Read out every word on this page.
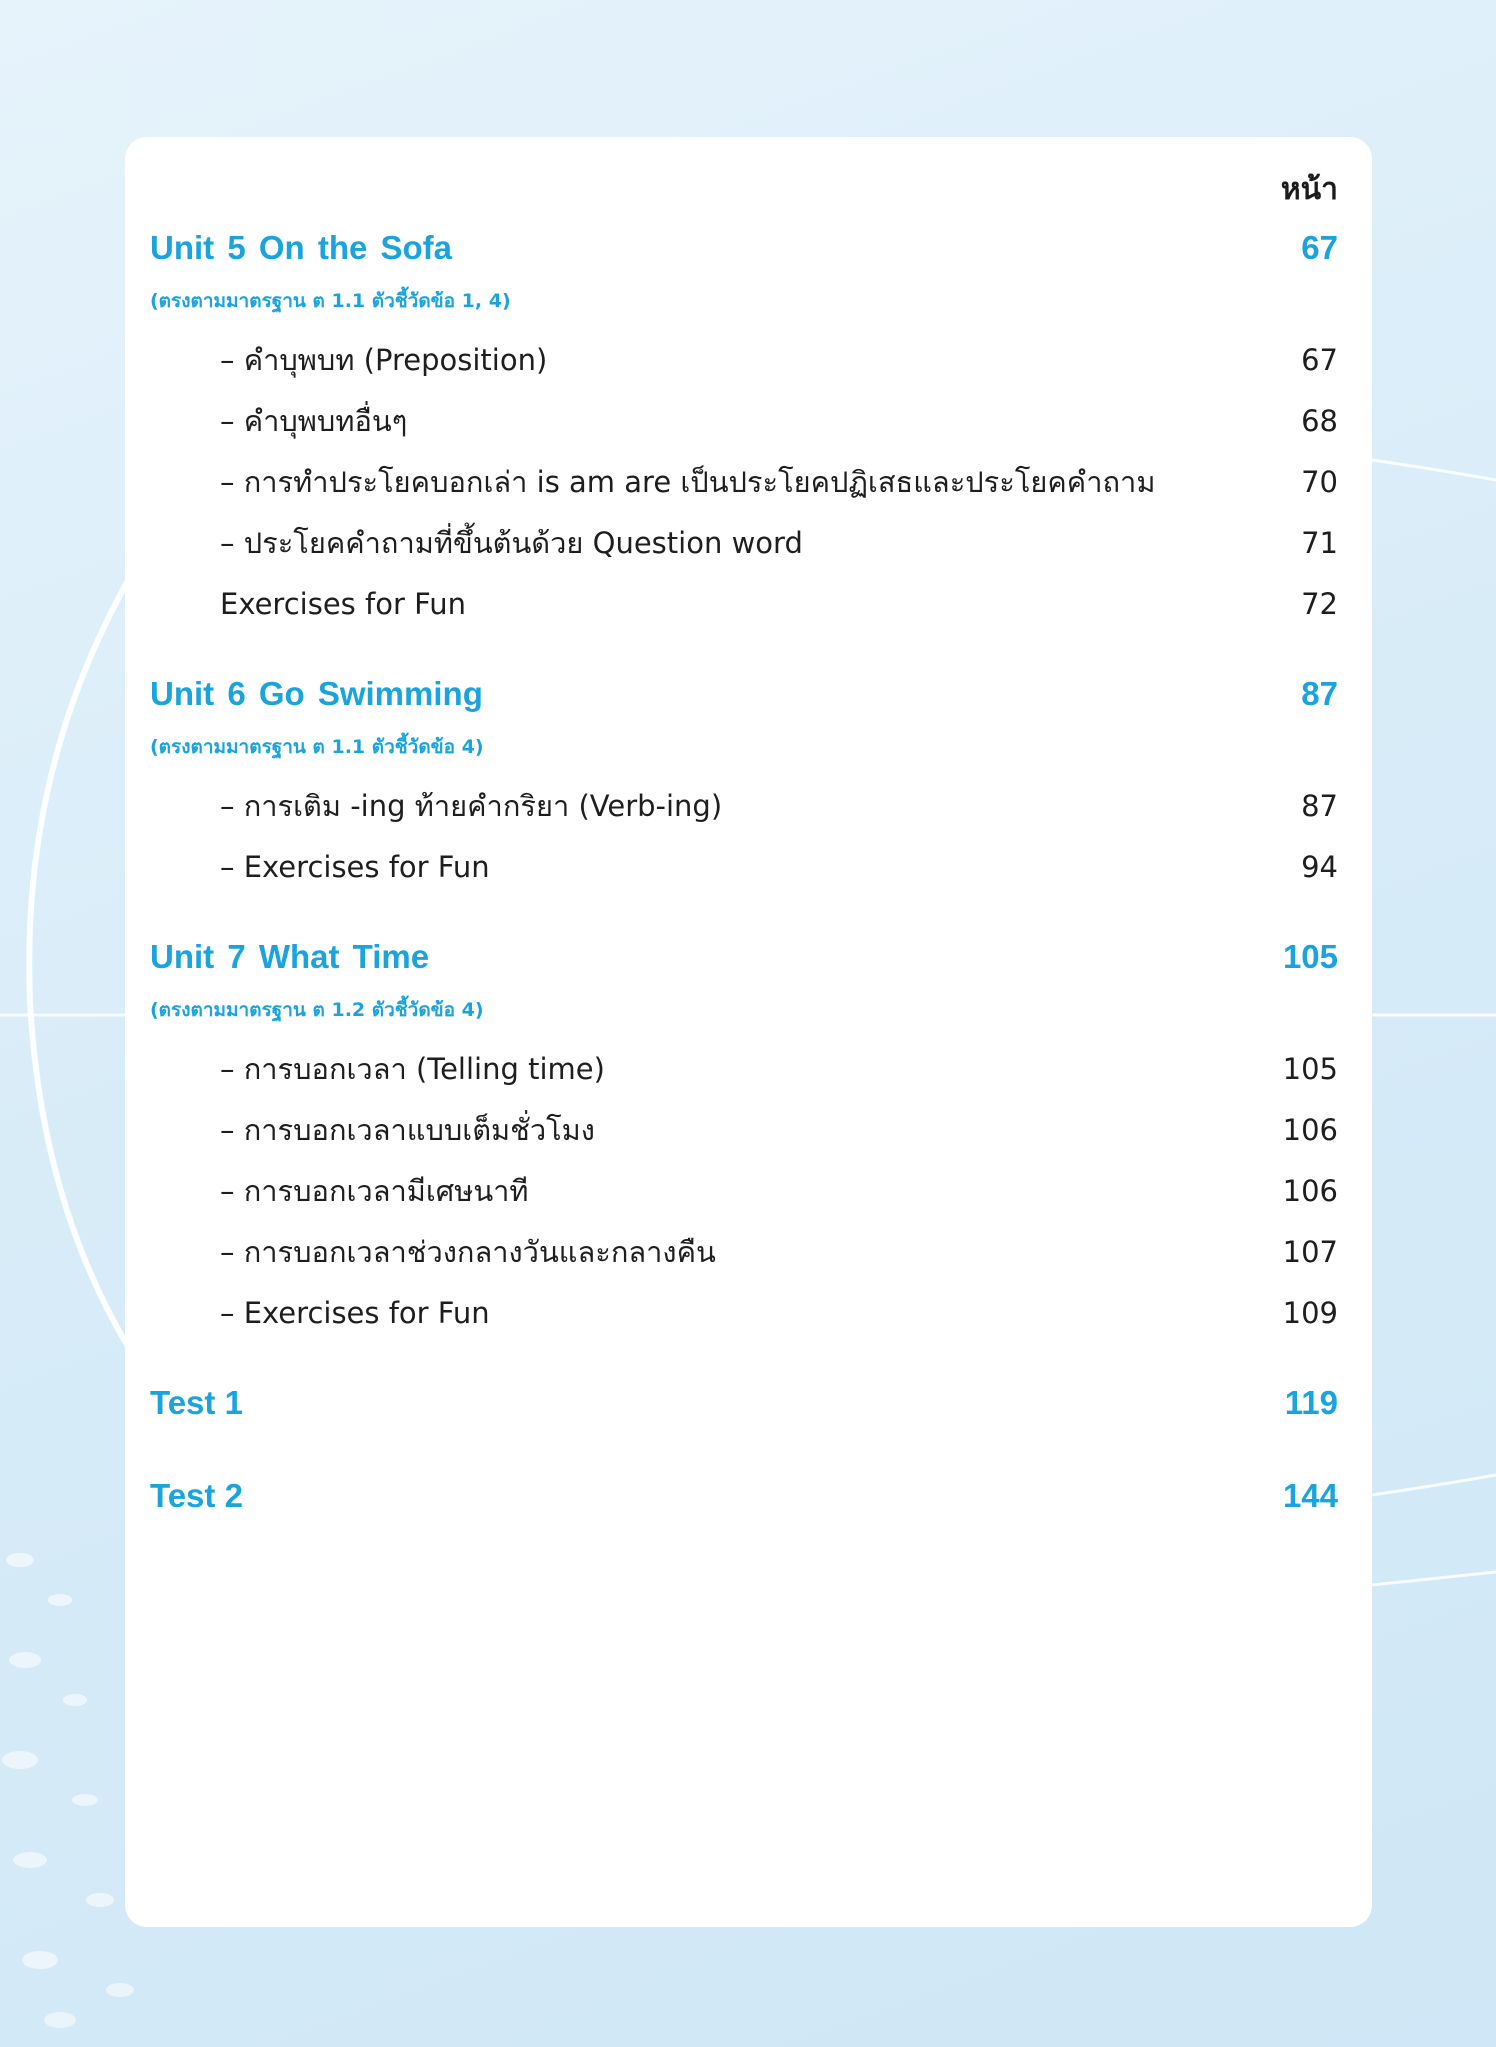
หน้า
Unit 5 On the Sofa	67
(ตรงตามมาตรฐาน ต 1.1 ตัวชี้วัดข้อ 1, 4)
– คำบุพบท (Preposition)	67
– คำบุพบทอื่นๆ	68
– การทำประโยคบอกเล่า is am are เป็นประโยคปฏิเสธและประโยคคำถาม	70
– ประโยคคำถามที่ขึ้นต้นด้วย Question word	71
Exercises for Fun	72
Unit 6 Go Swimming	87
(ตรงตามมาตรฐาน ต 1.1 ตัวชี้วัดข้อ 4)
– การเติม -ing ท้ายคำกริยา (Verb-ing)	87
– Exercises for Fun	94
Unit 7 What Time	105
(ตรงตามมาตรฐาน ต 1.2 ตัวชี้วัดข้อ 4)
– การบอกเวลา (Telling time)	105
– การบอกเวลาแบบเต็มชั่วโมง	106
– การบอกเวลามีเศษนาที	106
– การบอกเวลาช่วงกลางวันและกลางคืน	107
– Exercises for Fun	109
Test 1	119
Test 2	144
